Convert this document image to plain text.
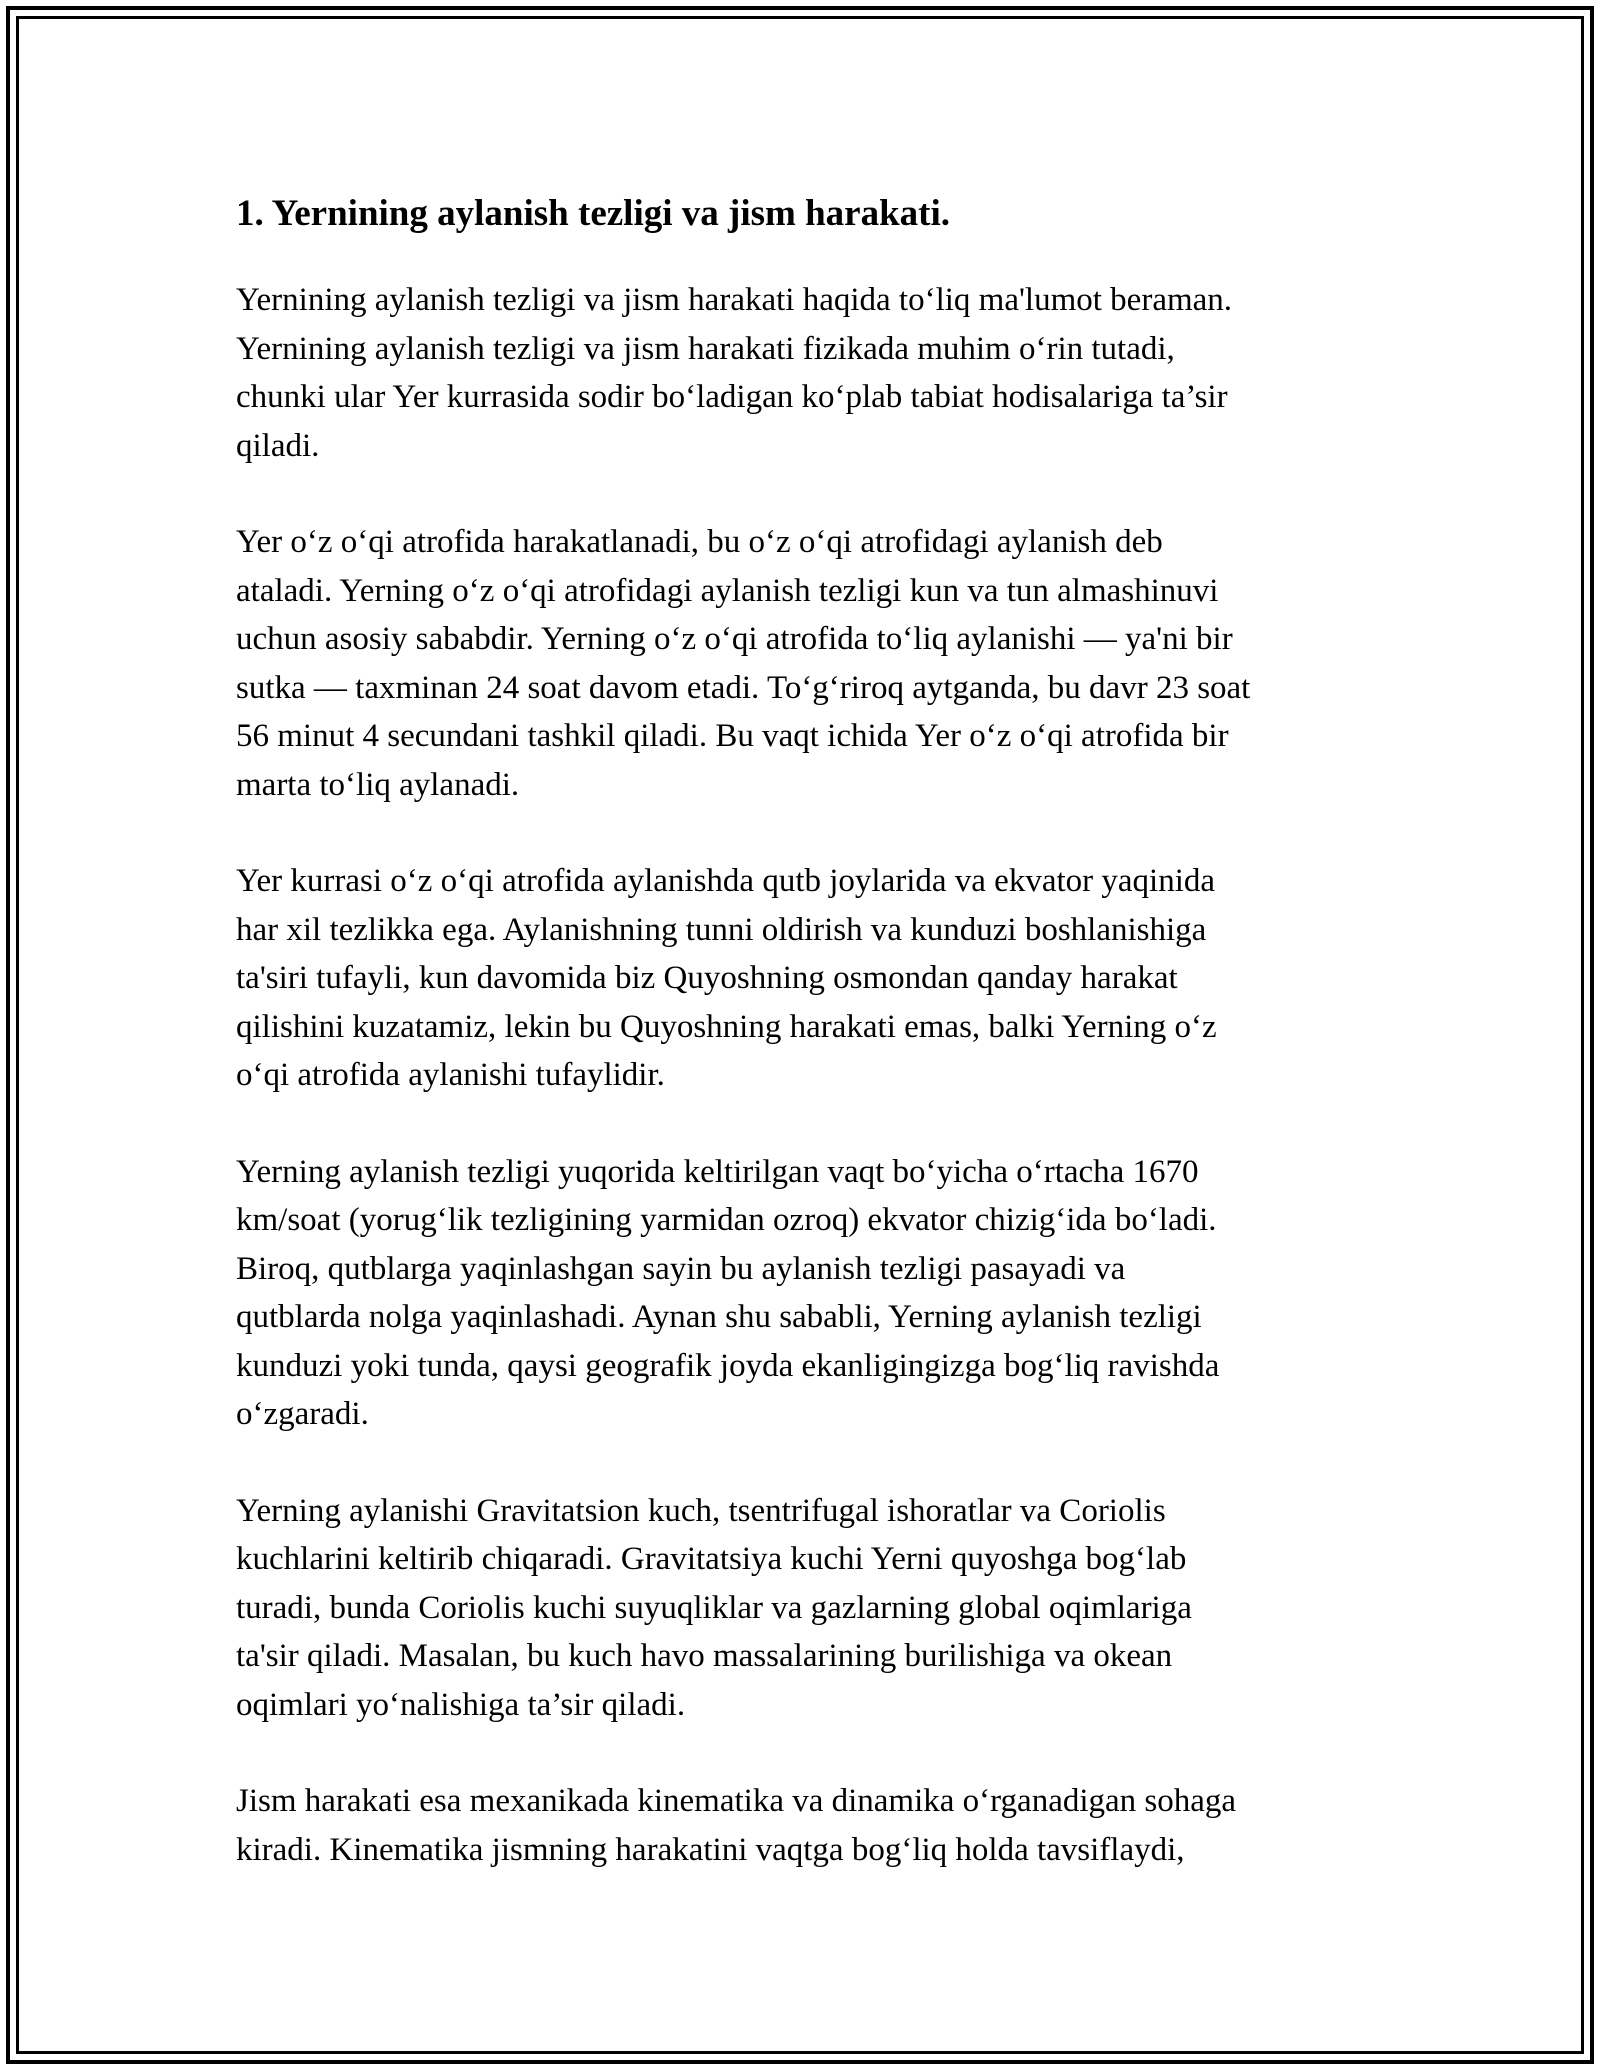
1. Yernining aylanish tezligi va jism harakati.

Yernining aylanish tezligi va jism harakati haqida to‘liq ma'lumot beraman.
Yernining aylanish tezligi va jism harakati fizikada muhim o‘rin tutadi,
chunki ular Yer kurrasida sodir bo‘ladigan ko‘plab tabiat hodisalariga ta’sir
qiladi.

Yer o‘z o‘qi atrofida harakatlanadi, bu o‘z o‘qi atrofidagi aylanish deb
ataladi. Yerning o‘z o‘qi atrofidagi aylanish tezligi kun va tun almashinuvi
uchun asosiy sababdir. Yerning o‘z o‘qi atrofida to‘liq aylanishi — ya'ni bir
sutka — taxminan 24 soat davom etadi. To‘g‘riroq aytganda, bu davr 23 soat
56 minut 4 secundani tashkil qiladi. Bu vaqt ichida Yer o‘z o‘qi atrofida bir
marta to‘liq aylanadi.

Yer kurrasi o‘z o‘qi atrofida aylanishda qutb joylarida va ekvator yaqinida
har xil tezlikka ega. Aylanishning tunni oldirish va kunduzi boshlanishiga
ta'siri tufayli, kun davomida biz Quyoshning osmondan qanday harakat
qilishini kuzatamiz, lekin bu Quyoshning harakati emas, balki Yerning o‘z
o‘qi atrofida aylanishi tufaylidir.

Yerning aylanish tezligi yuqorida keltirilgan vaqt bo‘yicha o‘rtacha 1670
km/soat (yorug‘lik tezligining yarmidan ozroq) ekvator chizig‘ida bo‘ladi.
Biroq, qutblarga yaqinlashgan sayin bu aylanish tezligi pasayadi va
qutblarda nolga yaqinlashadi. Aynan shu sababli, Yerning aylanish tezligi
kunduzi yoki tunda, qaysi geografik joyda ekanligingizga bog‘liq ravishda
o‘zgaradi.

Yerning aylanishi Gravitatsion kuch, tsentrifugal ishoratlar va Coriolis
kuchlarini keltirib chiqaradi. Gravitatsiya kuchi Yerni quyoshga bog‘lab
turadi, bunda Coriolis kuchi suyuqliklar va gazlarning global oqimlariga
ta'sir qiladi. Masalan, bu kuch havo massalarining burilishiga va okean
oqimlari yo‘nalishiga ta’sir qiladi.

Jism harakati esa mexanikada kinematika va dinamika o‘rganadigan sohaga
kiradi. Kinematika jismning harakatini vaqtga bog‘liq holda tavsiflaydi,
